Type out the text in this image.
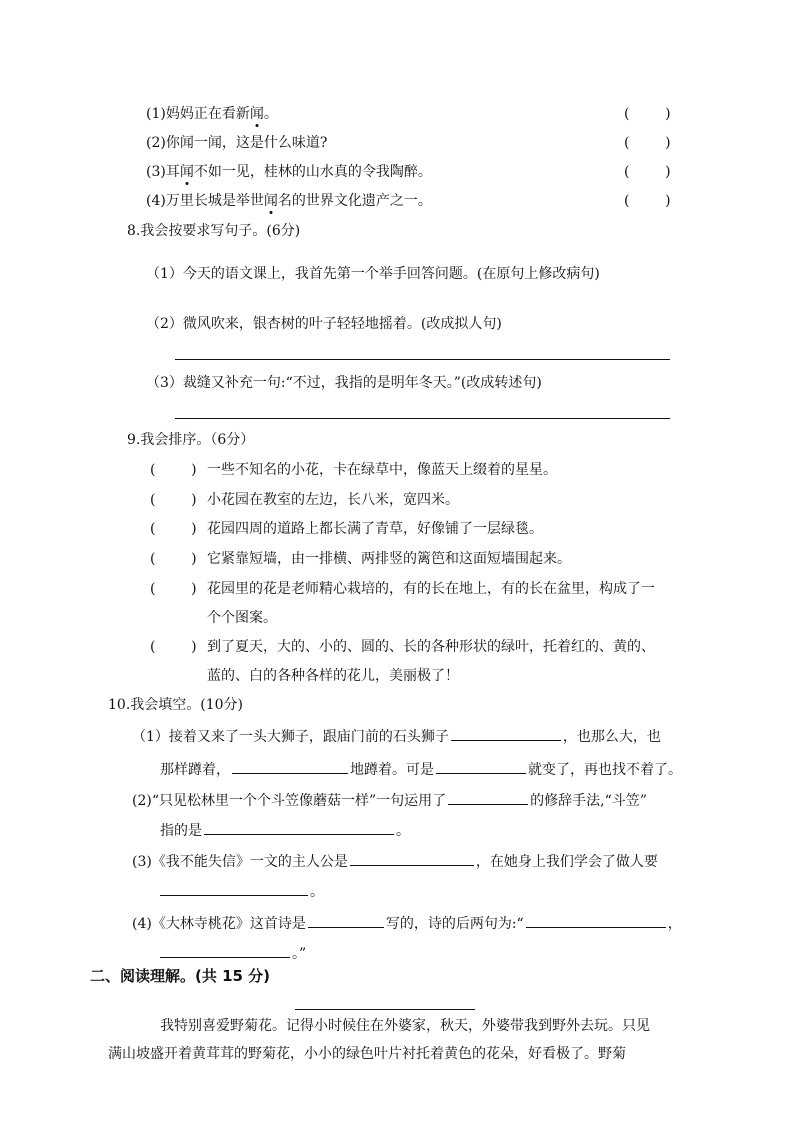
(1)妈妈正在看新闻。	(        )
(2)你闻一闻，这是什么味道?	(        )
(3)耳闻不如一见，桂林的山水真的令我陶醉。	(        )
(4)万里长城是举世闻名的世界文化遗产之一。	(        )
8.我会按要求写句子。(6分)
（1）今天的语文课上，我首先第一个举手回答问题。(在原句上修改病句)
（2）微风吹来，银杏树的叶子轻轻地摇着。(改成拟人句)
（3）裁缝又补充一句:“不过，我指的是明年冬天。”(改成转述句)
9.我会排序。（6分）
(        ) 一些不知名的小花，卡在绿草中，像蓝天上缀着的星星。
(        ) 小花园在教室的左边，长八米，宽四米。
(        ) 花园四周的道路上都长满了青草，好像铺了一层绿毯。
(        ) 它紧靠短墙，由一排横、两排竖的篱笆和这面短墙围起来。
(        ) 花园里的花是老师精心栽培的，有的长在地上，有的长在盆里，构成了一
个个图案。
(        ) 到了夏天，大的、小的、圆的、长的各种形状的绿叶，托着红的、黄的、
蓝的、白的各种各样的花儿，美丽极了！
10.我会填空。(10分)
（1）接着又来了一头大狮子，跟庙门前的石头狮子	，也那么大，也
那样蹲着，	地蹲着。可是	就变了，再也找不着了。
(2)“只见松林里一个个斗笠像蘑菇一样”一句运用了	的修辞手法,“斗笠”
指的是	。
(3)《我不能失信》一文的主人公是	，在她身上我们学会了做人要
。
(4)《大林寺桃花》这首诗是	写的，诗的后两句为:“	，
。”
二、阅读理解。(共 15 分)
我特别喜爱野菊花。记得小时候住在外婆家，秋天，外婆带我到野外去玩。只见
满山坡盛开着黄茸茸的野菊花，小小的绿色叶片衬托着黄色的花朵，好看极了。野菊
